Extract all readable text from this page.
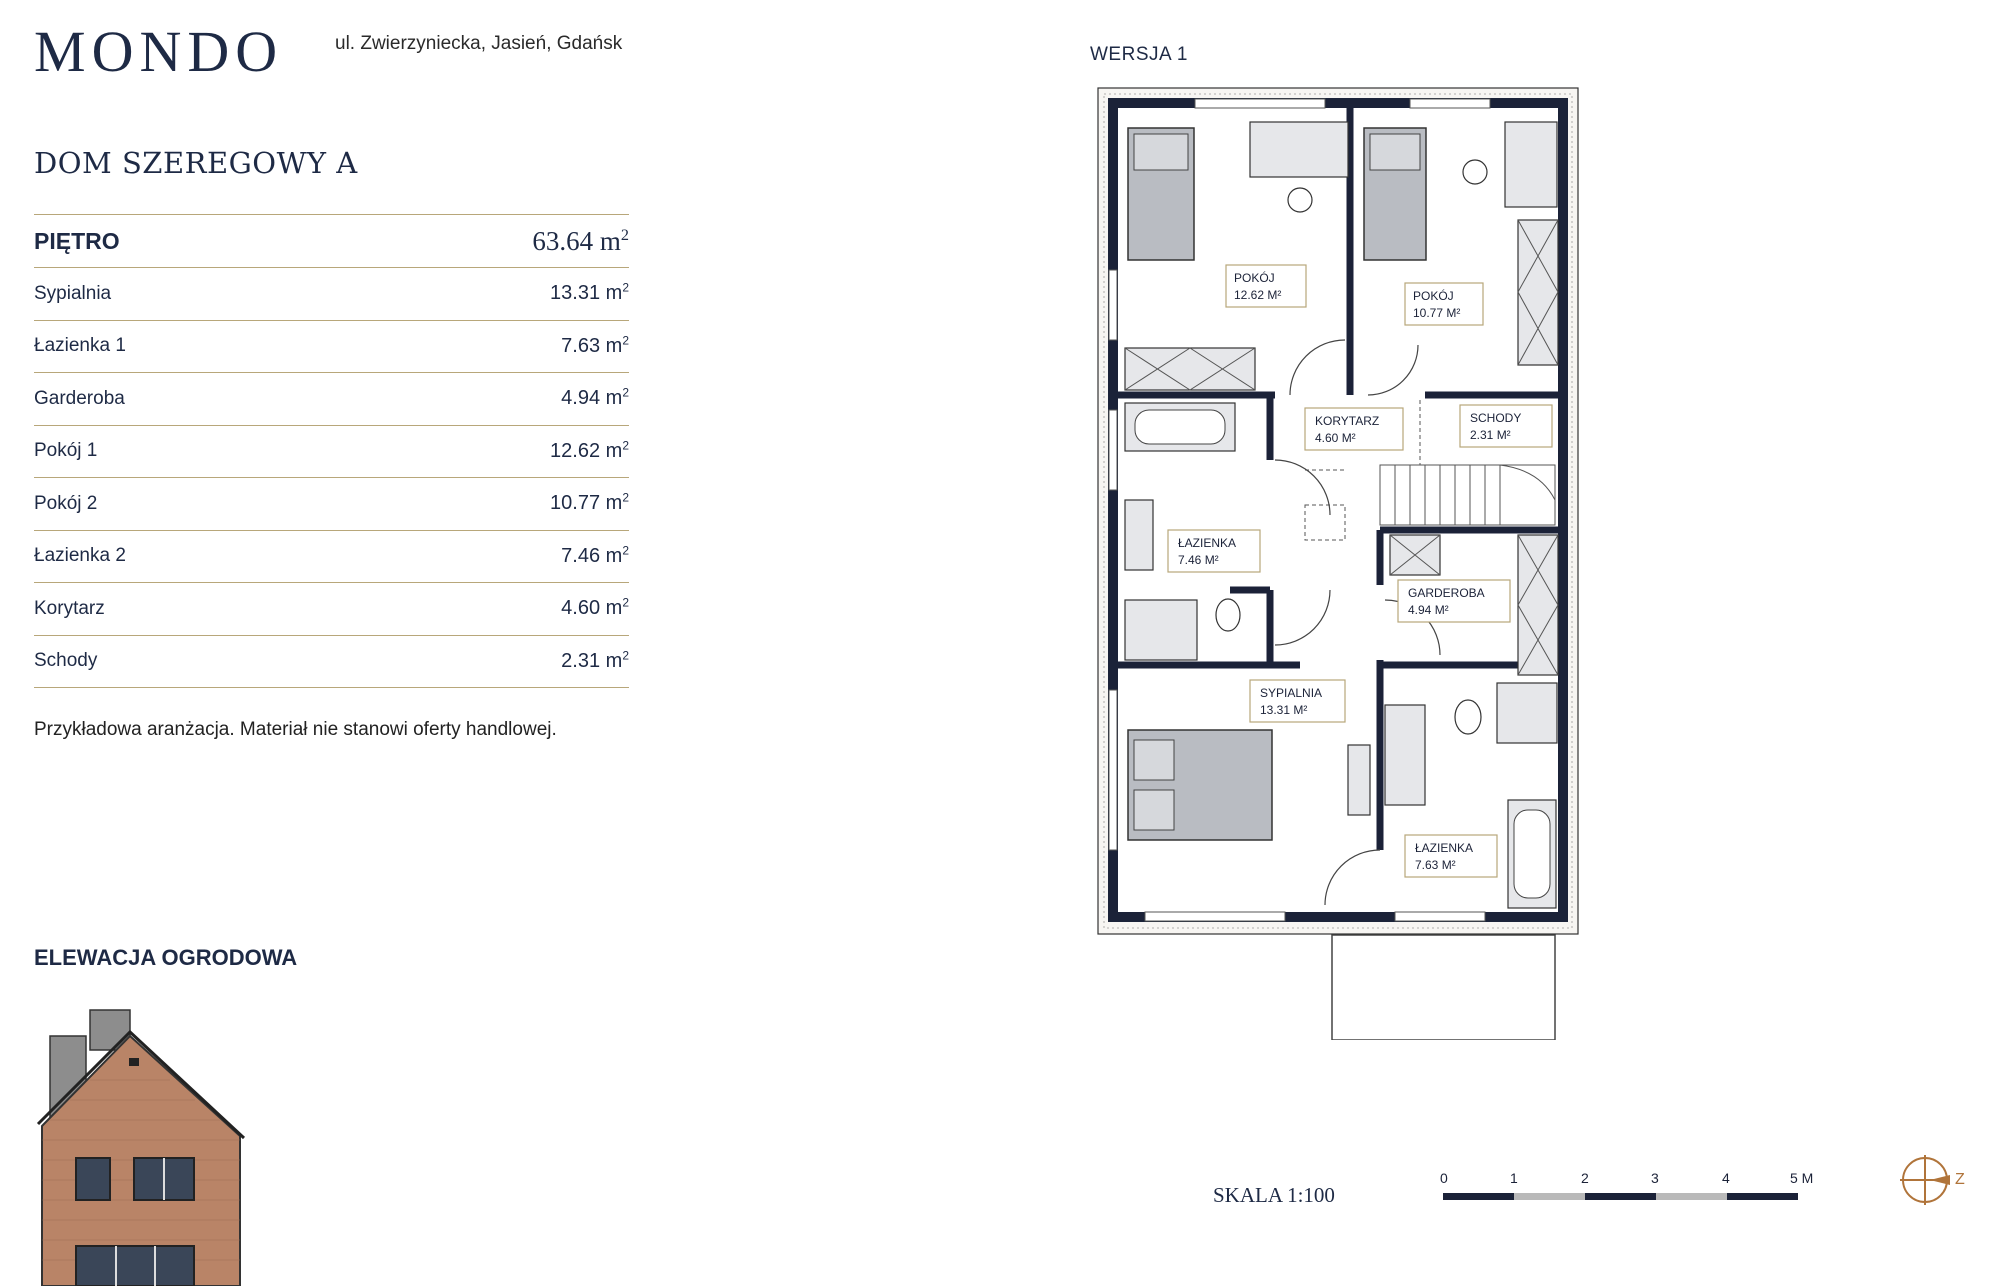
MONDO	ul. Zwierzyniecka, Jasień, Gdańsk
DOM SZEREGOWY A
PIĘTRO	63.64 $m^2$
Sypialnia	13.31 $m^2$
Łazienka 1	7.63 $m^2$
Garderoba	4.94 $m^2$
Pokój 1	12.62 $m^2$
Pokój 2	10.77 $m^2$
Łazienka 2	7.46 $m^2$
Korytarz	4.60 $m^2$
Schody	2.31 $m^2$
Przykładowa aranżacja. Materiał nie stanowi oferty handlowej.
ELEWACJA OGRODOWA
WERSJA 1
POKÓJ
12.62 M²	POKÓJ
10.77 M²
KORYTARZ
4.60 M²
SCHODY
2.31 M²
ŁAZIENKA
7.46 M²
GARDEROBA
4.94 M²
SYPIALNIA
13.31 M²
ŁAZIENKA
7.63 M²
SKALA 1:100
0	1	2	3	4	5 M	Z
